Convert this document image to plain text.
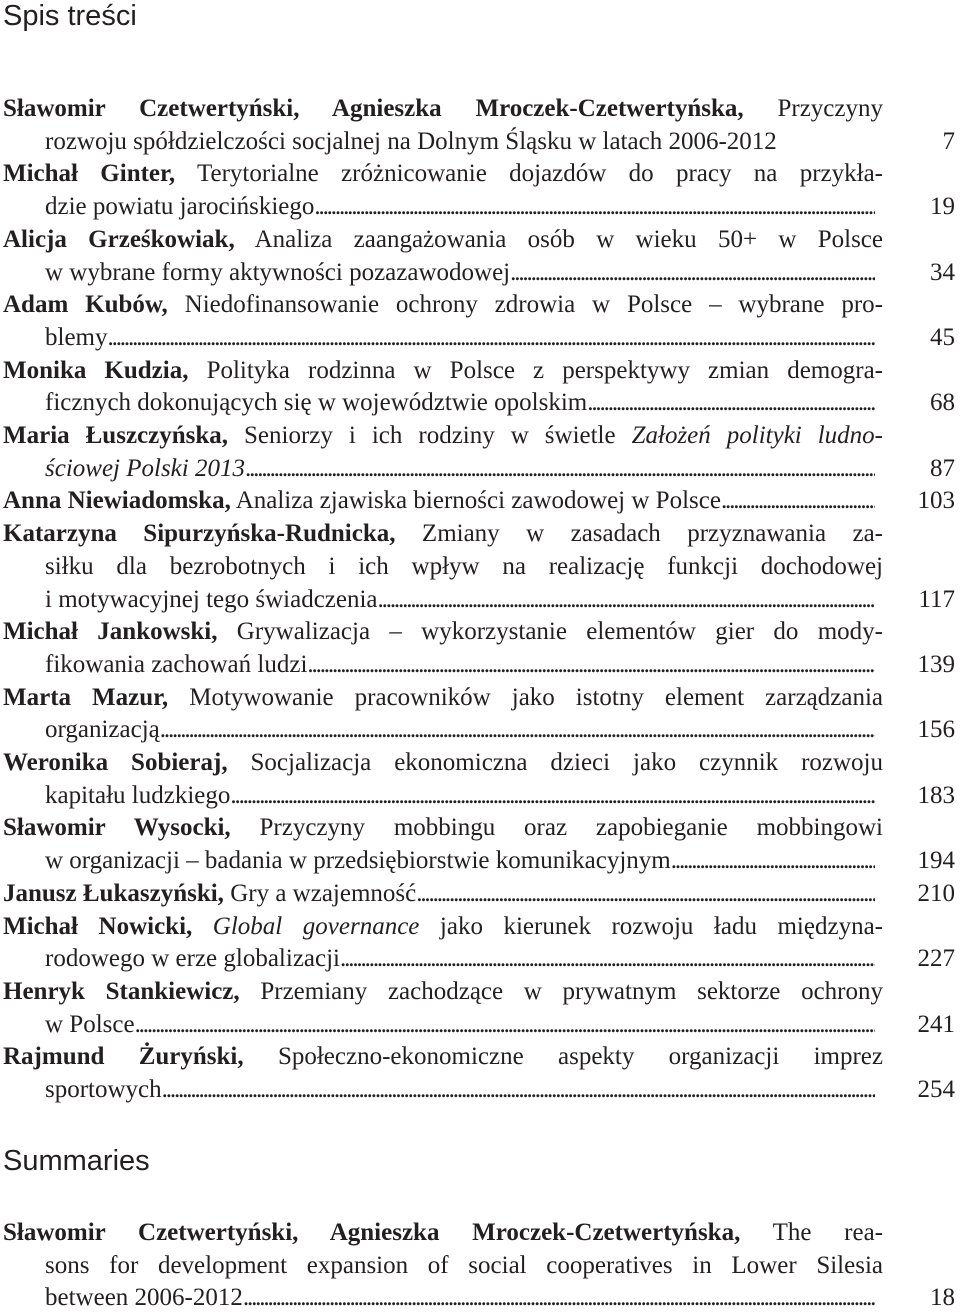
Spis treści
Sławomir Czetwertyński, Agnieszka Mroczek-Czetwertyńska, Przyczyny
rozwoju spółdzielczości socjalnej na Dolnym Śląsku w latach 2006-2012	7
Michał Ginter, Terytorialne zróżnicowanie dojazdów do pracy na przykła-
dzie powiatu jarocińskiego . . .	19
Alicja Grześkowiak, Analiza zaangażowania osób w wieku 50+ w Polsce
w wybrane formy aktywności pozazawodowej . . .	34
Adam Kubów, Niedofinansowanie ochrony zdrowia w Polsce – wybrane pro-
blemy . . .	45
Monika Kudzia, Polityka rodzinna w Polsce z perspektywy zmian demogra-
ficznych dokonujących się w województwie opolskim . . .	68
Maria Łuszczyńska, Seniorzy i ich rodziny w świetle Założeń polityki ludno-
ściowej Polski 2013 . . .	87
Anna Niewiadomska, Analiza zjawiska bierności zawodowej w Polsce . . .	103
Katarzyna Sipurzyńska-Rudnicka, Zmiany w zasadach przyznawania za-
siłku dla bezrobotnych i ich wpływ na realizację funkcji dochodowej
i motywacyjnej tego świadczenia . . .	117
Michał Jankowski, Grywalizacja – wykorzystanie elementów gier do mody-
fikowania zachowań ludzi . . .	139
Marta Mazur, Motywowanie pracowników jako istotny element zarządzania
organizacją . . .	156
Weronika Sobieraj, Socjalizacja ekonomiczna dzieci jako czynnik rozwoju
kapitału ludzkiego . . .	183
Sławomir Wysocki, Przyczyny mobbingu oraz zapobieganie mobbingowi
w organizacji – badania w przedsiębiorstwie komunikacyjnym . . .	194
Janusz Łukaszyński, Gry a wzajemność . . .	210
Michał Nowicki, Global governance jako kierunek rozwoju ładu międzyna-
rodowego w erze globalizacji . . .	227
Henryk Stankiewicz, Przemiany zachodzące w prywatnym sektorze ochrony
w Polsce . . .	241
Rajmund Żuryński, Społeczno-ekonomiczne aspekty organizacji imprez
sportowych . . .	254
Summaries
Sławomir Czetwertyński, Agnieszka Mroczek-Czetwertyńska, The rea-
sons for development expansion of social cooperatives in Lower Silesia
between 2006-2012 . . .	18
